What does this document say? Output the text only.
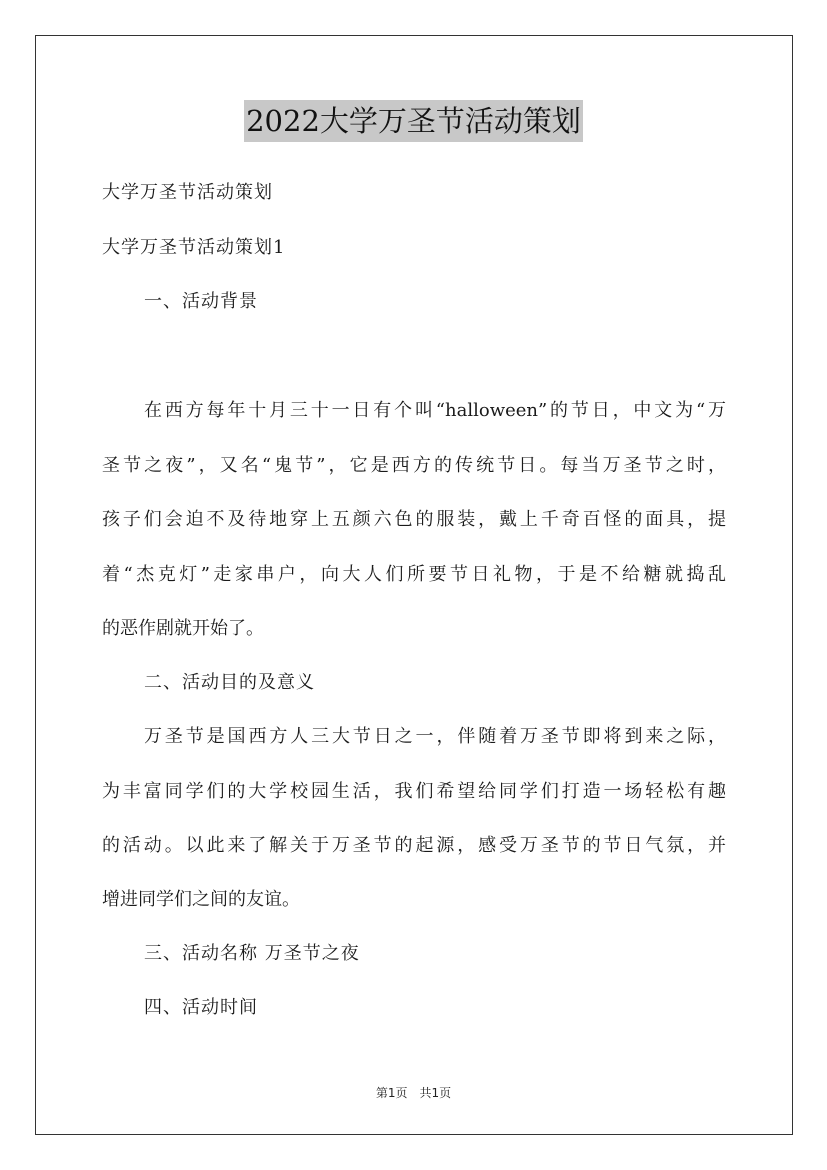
2022大学万圣节活动策划
大学万圣节活动策划
大学万圣节活动策划1
一、活动背景
在西方每年十月三十一日有个叫“halloween”的节日，中文为“万
圣节之夜”，又名“鬼节”，它是西方的传统节日。每当万圣节之时，
孩子们会迫不及待地穿上五颜六色的服装，戴上千奇百怪的面具，提
着“杰克灯”走家串户，向大人们所要节日礼物，于是不给糖就捣乱
的恶作剧就开始了。
二、活动目的及意义
万圣节是国西方人三大节日之一，伴随着万圣节即将到来之际，
为丰富同学们的大学校园生活，我们希望给同学们打造一场轻松有趣
的活动。以此来了解关于万圣节的起源，感受万圣节的节日气氛，并
增进同学们之间的友谊。
三、活动名称 万圣节之夜
四、活动时间
第1页　共1页
